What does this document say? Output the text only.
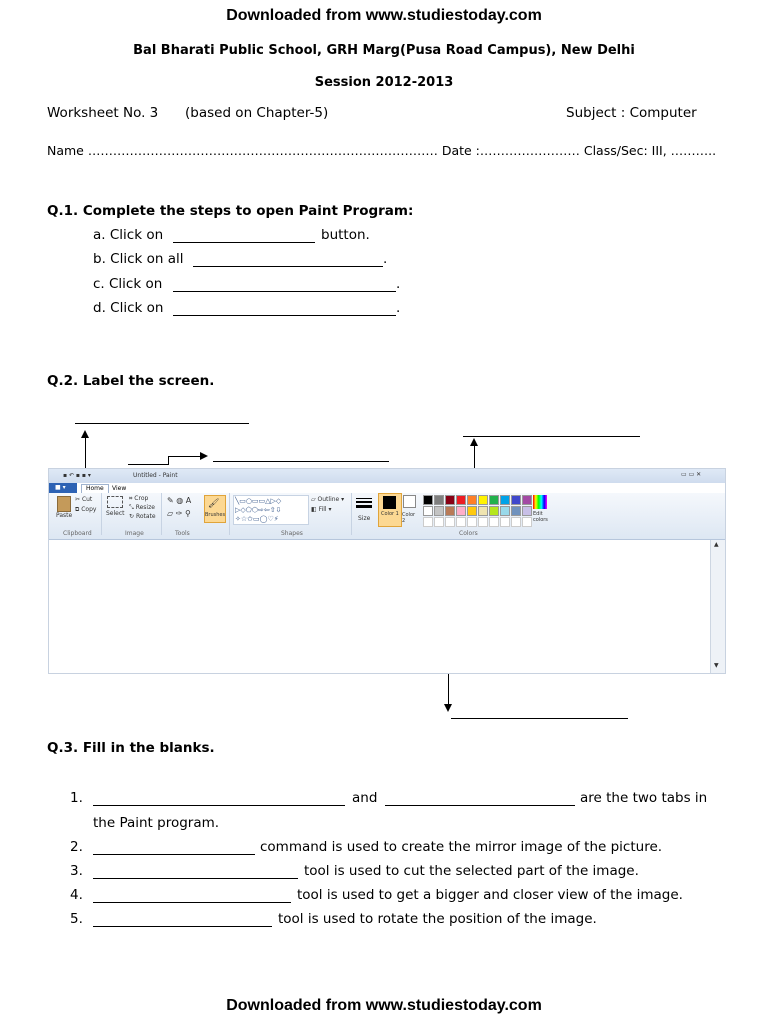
Downloaded from www.studiestoday.com
Bal Bharati Public School, GRH Marg(Pusa Road Campus), New Delhi
Session 2012-2013
Worksheet No. 3 (based on Chapter-5)	Subject : Computer
Name ………………………………………………………………………… Date :…………………… Class/Sec: III, ………..
Q.1. Complete the steps to open Paint Program:
a. Click on	button.
b. Click on all	.
c. Click on	.
d. Click on	.
Q.2. Label the screen.
▪ ↶ ▪ ▪ ▾	Untitled - Paint	▭ ▭ ✕
■ ▾	Home	View
Paste
✂ Cut
⧉ Copy
Clipboard
Select
⌗ Crop
⤡ Resize
↻ Rotate
Image
✎ ◍ A
▱ ✑ ⚲
Tools
🖌
Brushes
╲▭○▭▭△▷◇
▷◇⬠⬡⇨⇦⇧⇩
✧☆✩▭◯♡⚡
▱ Outline ▾
◧ Fill ▾
Shapes
Size
Color 1 Color 2
Colors
Edit colors
▲
▼
Q.3. Fill in the blanks.
1.	and	are the two tabs in
the Paint program.
2.	command is used to create the mirror image of the picture.
3.	tool is used to cut the selected part of the image.
4.	tool is used to get a bigger and closer view of the image.
5.	tool is used to rotate the position of the image.
Downloaded from www.studiestoday.com
